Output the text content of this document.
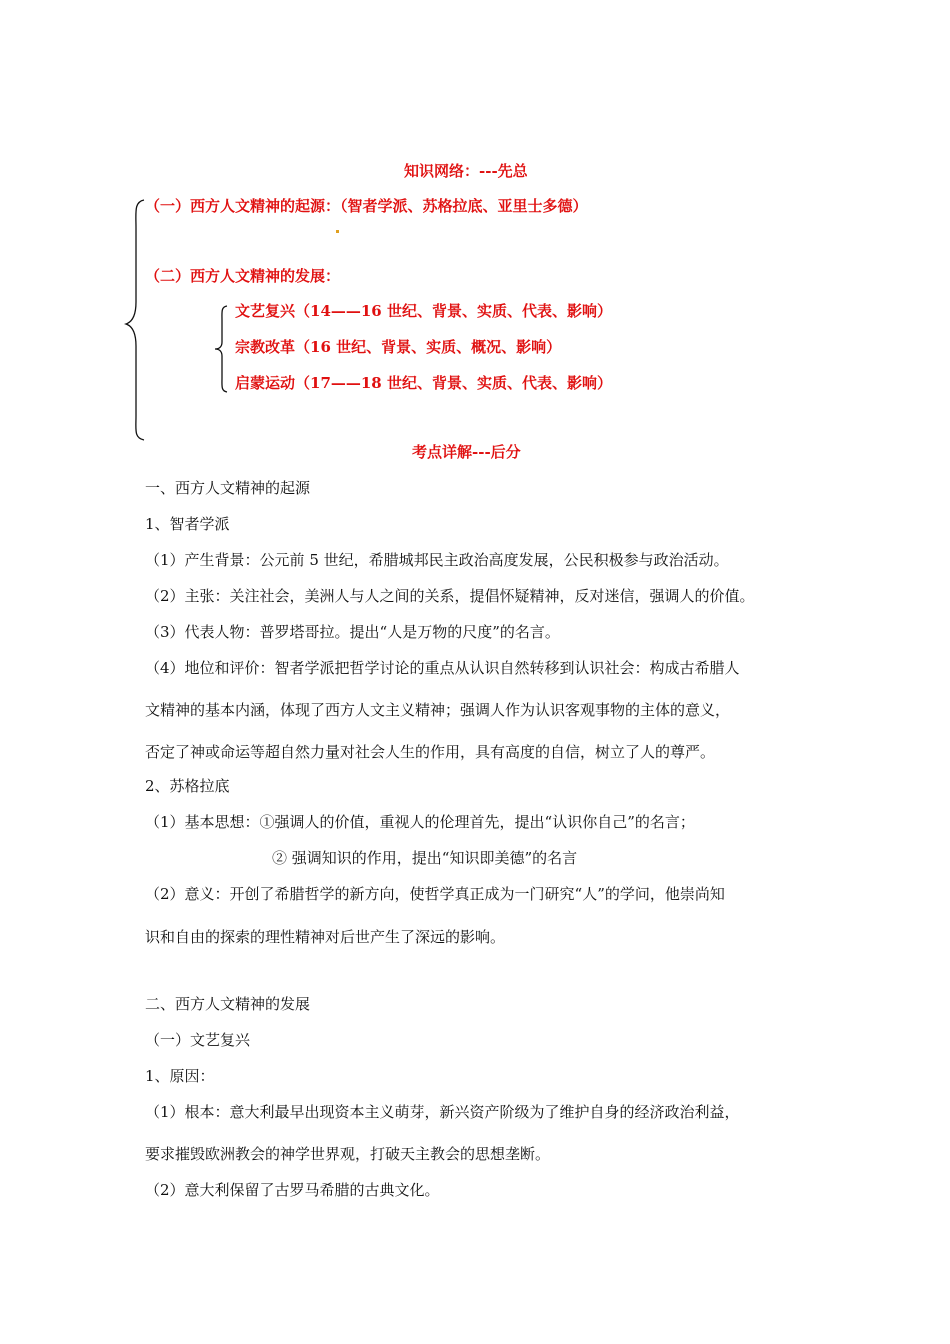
知识网络：---先总
（一）西方人文精神的起源：（智者学派、苏格拉底、亚里士多德）
（二）西方人文精神的发展：
文艺复兴（14——16 世纪、背景、实质、代表、影响）
宗教改革（16 世纪、背景、实质、概况、影响）
启蒙运动（17——18 世纪、背景、实质、代表、影响）
考点详解---后分
一、西方人文精神的起源
1、智者学派
（1）产生背景：公元前 5 世纪，希腊城邦民主政治高度发展，公民积极参与政治活动。
（2）主张：关注社会，美洲人与人之间的关系，提倡怀疑精神，反对迷信，强调人的价值。
（3）代表人物：普罗塔哥拉。提出“人是万物的尺度”的名言。
（4）地位和评价：智者学派把哲学讨论的重点从认识自然转移到认识社会：构成古希腊人
文精神的基本内涵，体现了西方人文主义精神；强调人作为认识客观事物的主体的意义，
否定了神或命运等超自然力量对社会人生的作用，具有高度的自信，树立了人的尊严。
2、苏格拉底
（1）基本思想：①强调人的价值，重视人的伦理首先，提出“认识你自己”的名言；
② 强调知识的作用，提出“知识即美德”的名言
（2）意义：开创了希腊哲学的新方向，使哲学真正成为一门研究“人”的学问，他崇尚知
识和自由的探索的理性精神对后世产生了深远的影响。
二、西方人文精神的发展
（一）文艺复兴
1、原因：
（1）根本：意大利最早出现资本主义萌芽，新兴资产阶级为了维护自身的经济政治利益，
要求摧毁欧洲教会的神学世界观，打破天主教会的思想垄断。
（2）意大利保留了古罗马希腊的古典文化。
